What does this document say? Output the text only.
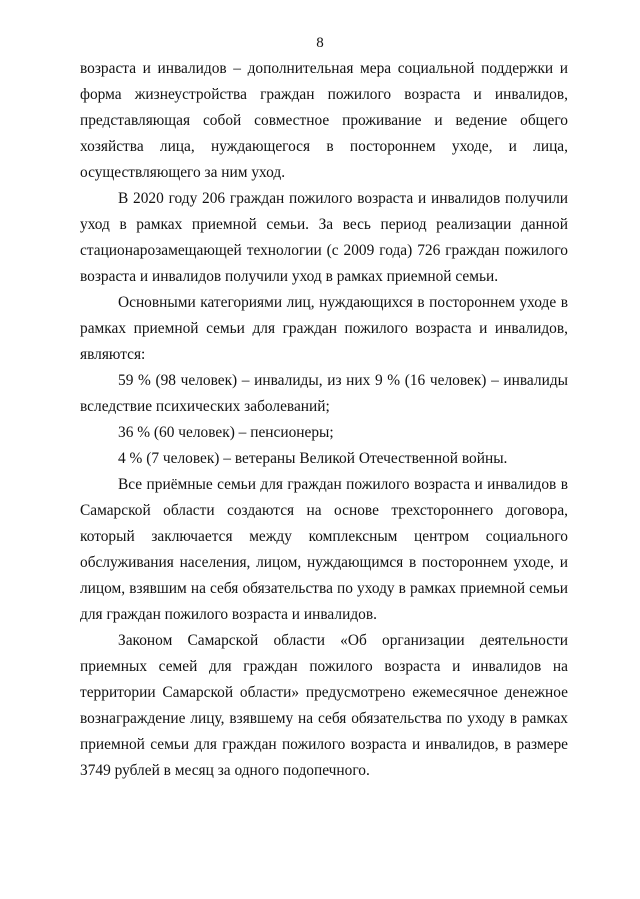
8
возраста и инвалидов – дополнительная мера социальной поддержки и
форма жизнеустройства граждан пожилого возраста и инвалидов,
представляющая собой совместное проживание и ведение общего
хозяйства лица, нуждающегося в постороннем уходе, и лица,
осуществляющего за ним уход.
В 2020 году 206 граждан пожилого возраста и инвалидов получили
уход в рамках приемной семьи. За весь период реализации данной
стационарозамещающей технологии (с 2009 года) 726 граждан пожилого
возраста и инвалидов получили уход в рамках приемной семьи.
Основными категориями лиц, нуждающихся в постороннем уходе в
рамках приемной семьи для граждан пожилого возраста и инвалидов,
являются:
59 % (98 человек) – инвалиды, из них 9 % (16 человек) – инвалиды
вследствие психических заболеваний;
36 % (60 человек) – пенсионеры;
4 % (7 человек) – ветераны Великой Отечественной войны.
Все приёмные семьи для граждан пожилого возраста и инвалидов в
Самарской области создаются на основе трехстороннего договора,
который заключается между комплексным центром социального
обслуживания населения, лицом, нуждающимся в постороннем уходе, и
лицом, взявшим на себя обязательства по уходу в рамках приемной семьи
для граждан пожилого возраста и инвалидов.
Законом Самарской области «Об организации деятельности
приемных семей для граждан пожилого возраста и инвалидов на
территории Самарской области» предусмотрено ежемесячное денежное
вознаграждение лицу, взявшему на себя обязательства по уходу в рамках
приемной семьи для граждан пожилого возраста и инвалидов, в размере
3749 рублей в месяц за одного подопечного.
